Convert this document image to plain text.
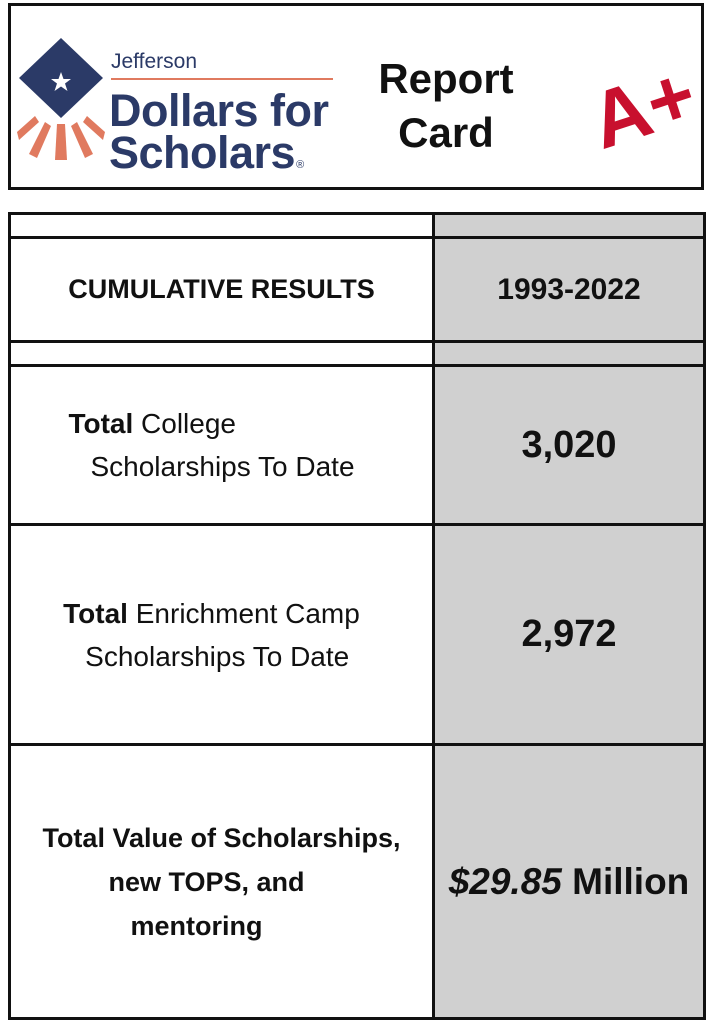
Jefferson
Dollars for
Scholars®
Report
Card	A+
CUMULATIVE RESULTS	1993-2022
Total College
Scholarships To Date
3,020
Total Enrichment Camp
Scholarships To Date
2,972
Total Value of Scholarships,
new TOPS, and
mentoring
$29.85 Million
